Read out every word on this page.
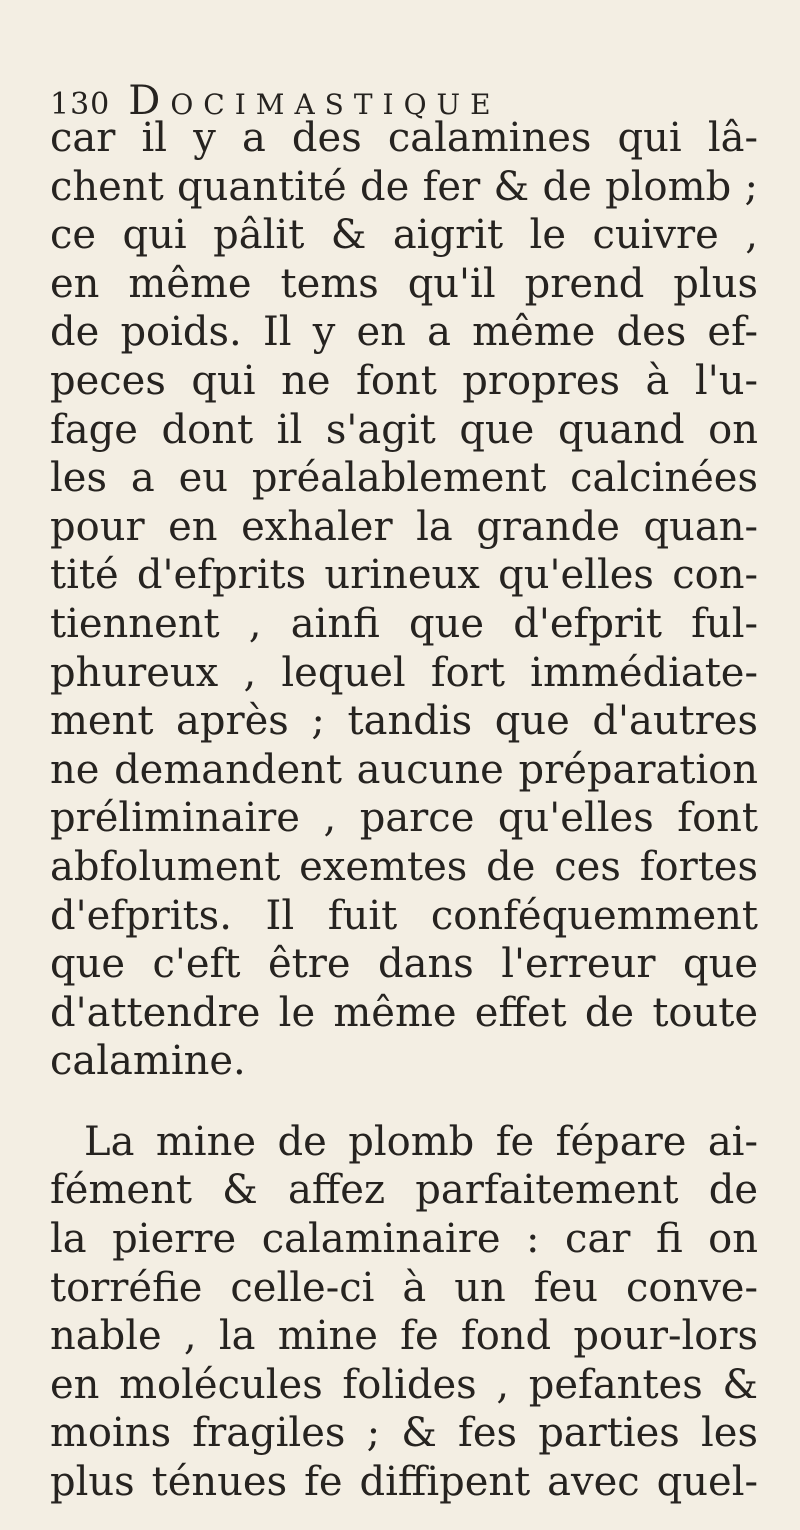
130 Docimastique
car il y a des calamines qui lâ-
chent quantité de fer & de plomb ;
ce qui pâlit & aigrit le cuivre ,
en même tems qu'il prend plus
de poids. Il y en a même des ef-
peces qui ne font propres à l'u-
fage dont il s'agit que quand on
les a eu préalablement calcinées
pour en exhaler la grande quan-
tité d'efprits urineux qu'elles con-
tiennent , ainfi que d'efprit ful-
phureux , lequel fort immédiate-
ment après ; tandis que d'autres
ne demandent aucune préparation
préliminaire , parce qu'elles font
abfolument exemtes de ces fortes
d'efprits. Il fuit conféquemment
que c'eft être dans l'erreur que
d'attendre le même effet de toute
calamine.
La mine de plomb fe fépare ai-
fément & affez parfaitement de
la pierre calaminaire : car fi on
torréfie celle-ci à un feu conve-
nable , la mine fe fond pour-lors
en molécules folides , pefantes &
moins fragiles ; & fes parties les
plus ténues fe diffipent avec quel-
